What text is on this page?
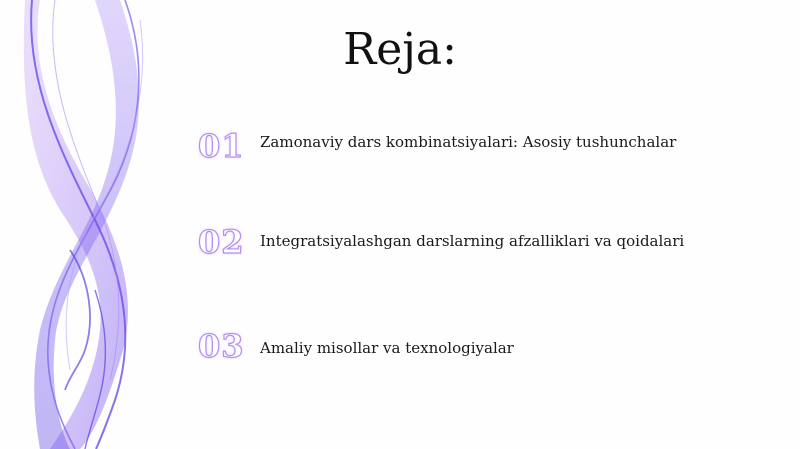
Reja:
01	Zamonaviy dars kombinatsiyalari: Asosiy tushunchalar
02	Integratsiyalashgan darslarning afzalliklari va qoidalari
03	Amaliy misollar va texnologiyalar
